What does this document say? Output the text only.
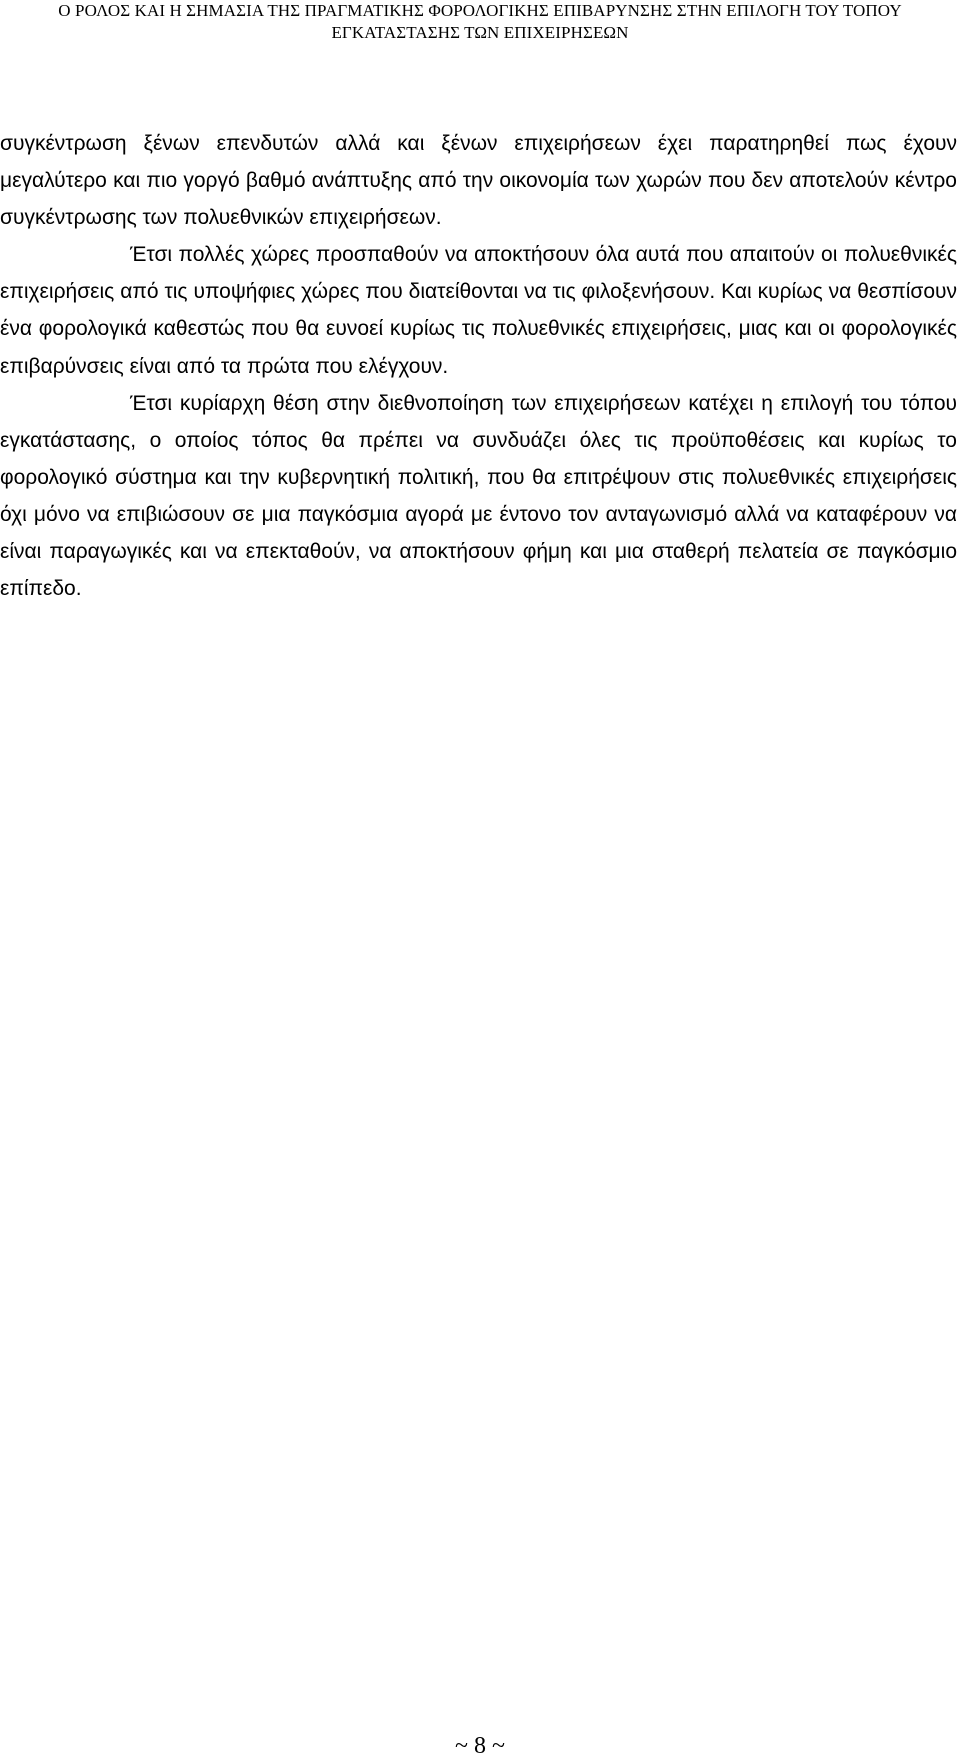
Ο ΡΟΛΟΣ ΚΑΙ Η ΣΗΜΑΣΙΑ ΤΗΣ ΠΡΑΓΜΑΤΙΚΗΣ ΦΟΡΟΛΟΓΙΚΗΣ ΕΠΙΒΑΡΥΝΣΗΣ ΣΤΗΝ ΕΠΙΛΟΓΗ ΤΟΥ ΤΟΠΟΥ
ΕΓΚΑΤΑΣΤΑΣΗΣ ΤΩΝ ΕΠΙΧΕΙΡΗΣΕΩΝ

συγκέντρωση ξένων επενδυτών αλλά και ξένων επιχειρήσεων έχει παρατηρηθεί πως έχουν μεγαλύτερο και πιο γοργό βαθμό ανάπτυξης από την οικονομία των χωρών που δεν αποτελούν κέντρο συγκέντρωσης των πολυεθνικών επιχειρήσεων.

Έτσι πολλές χώρες προσπαθούν να αποκτήσουν όλα αυτά που απαιτούν οι πολυεθνικές επιχειρήσεις από τις υποψήφιες χώρες που διατείθονται να τις φιλοξενήσουν. Και κυρίως να θεσπίσουν ένα φορολογικά καθεστώς που θα ευνοεί κυρίως τις πολυεθνικές επιχειρήσεις, μιας και οι φορολογικές επιβαρύνσεις είναι από τα πρώτα που ελέγχουν.

Έτσι κυρίαρχη θέση στην διεθνοποίηση των επιχειρήσεων κατέχει η επιλογή του τόπου εγκατάστασης, ο οποίος τόπος θα πρέπει να συνδυάζει όλες τις προϋποθέσεις και κυρίως το φορολογικό σύστημα και την κυβερνητική πολιτική, που θα επιτρέψουν στις πολυεθνικές επιχειρήσεις όχι μόνο να επιβιώσουν σε μια παγκόσμια αγορά με έντονο τον ανταγωνισμό αλλά να καταφέρουν να είναι παραγωγικές και να επεκταθούν, να αποκτήσουν φήμη και μια σταθερή πελατεία σε παγκόσμιο επίπεδο.

~ 8 ~
